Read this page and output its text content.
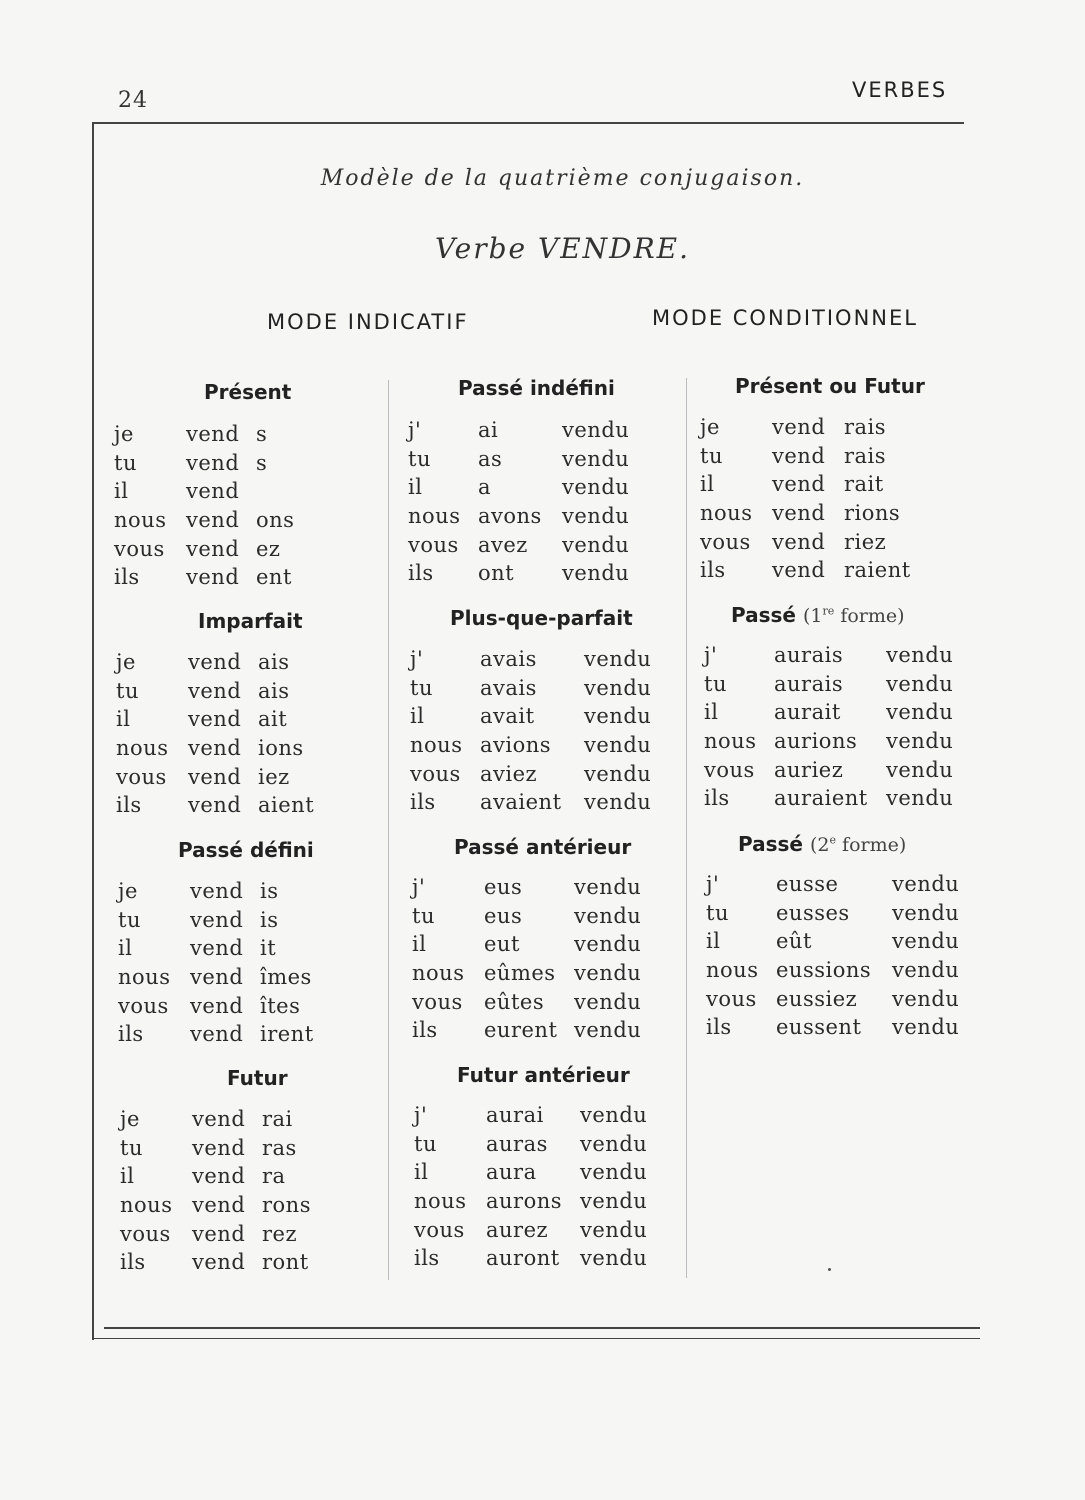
24	VERBES
Modèle de la quatrième conjugaison.
Verbe VENDRE.
MODE INDICATIF	MODE CONDITIONNEL
Présent
je vend s
tu vend s
il	vend
nous vend ons
vous vend ez
ils vend ent
Imparfait
je vend ais
tu vend ais
il	vend ait
nous vend ions
vous vend iez
ils vend aient
Passé défini
je vend is
tu vend is
il	vend it
nous vend îmes
vous vend îtes
ils vend irent
Futur
je vend rai
tu vend ras
il	vend ra
nous vend rons
vous vend rez
ils vend ront
Passé indéfini
j'	ai	vendu
tu as	vendu
il	a	vendu
nous avons vendu
vous avez vendu
ils ont vendu
Plus-que-parfait
j'	avais vendu
tu avais vendu
il	avait vendu
nous avions vendu
vous aviez vendu
ils avaient vendu
Passé antérieur
j'	eus vendu
tu eus vendu
il	eut	vendu
nous eûmes vendu
vous eûtes vendu
ils eurent vendu
Futur antérieur
j'	aurai vendu
tu auras vendu
il	aura vendu
nous aurons vendu
vous aurez vendu
ils auront vendu
Présent ou Futur
je vend rais
tu vend rais
il	vend rait
nous vend rions
vous vend riez
ils vend raient
Passé (1re forme)
j'	aurais vendu
tu aurais vendu
il	aurait vendu
nous aurions vendu
vous auriez vendu
ils auraient vendu
Passé (2e forme)
j'	eusse	vendu
tu eusses vendu
il	eût	vendu
nous eussions vendu
vous eussiez vendu
ils eussent vendu
